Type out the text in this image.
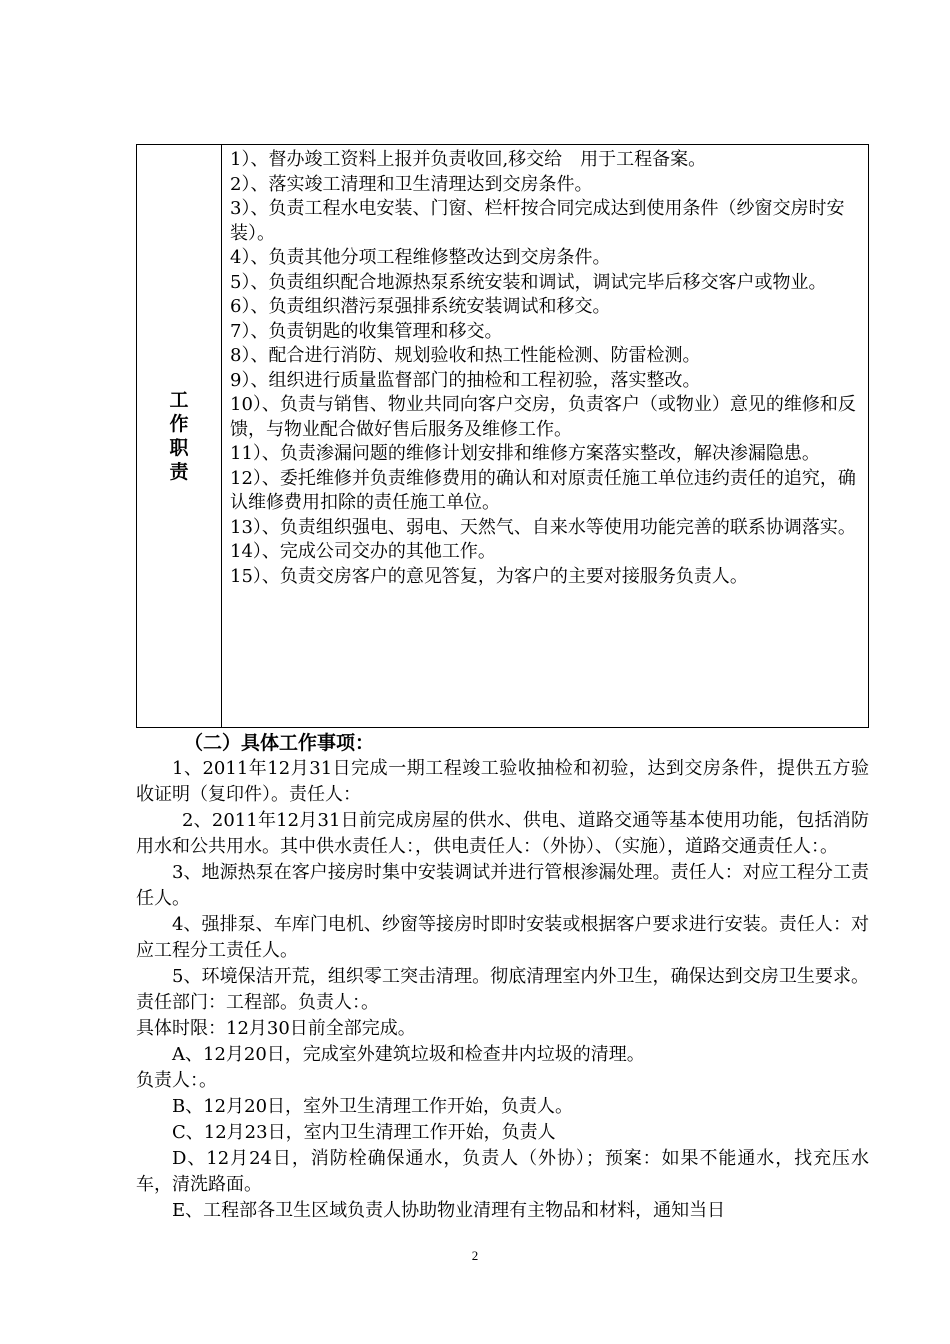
工作职责	

1）、督办竣工资料上报并负责收回,移交给　用于工程备案。

2）、落实竣工清理和卫生清理达到交房条件。

3）、负责工程水电安装、门窗、栏杆按合同完成达到使用条件（纱窗交房时安装）。

4）、负责其他分项工程维修整改达到交房条件。

5）、负责组织配合地源热泵系统安装和调试，调试完毕后移交客户或物业。

6）、负责组织潜污泵强排系统安装调试和移交。

7）、负责钥匙的收集管理和移交。

8）、配合进行消防、规划验收和热工性能检测、防雷检测。

9）、组织进行质量监督部门的抽检和工程初验，落实整改。

10）、负责与销售、物业共同向客户交房，负责客户（或物业）意见的维修和反馈，与物业配合做好售后服务及维修工作。

11）、负责渗漏问题的维修计划安排和维修方案落实整改，解决渗漏隐患。

12）、委托维修并负责维修费用的确认和对原责任施工单位违约责任的追究，确认维修费用扣除的责任施工单位。

13）、负责组织强电、弱电、天然气、自来水等使用功能完善的联系协调落实。

14）、完成公司交办的其他工作。

15）、负责交房客户的意见答复，为客户的主要对接服务负责人。

（二）具体工作事项：

1、2011年12月31日完成一期工程竣工验收抽检和初验，达到交房条件，提供五方验收证明（复印件）。责任人：

2、2011年12月31日前完成房屋的供水、供电、道路交通等基本使用功能，包括消防用水和公共用水。其中供水责任人：，供电责任人：（外协）、（实施），道路交通责任人：。

3、地源热泵在客户接房时集中安装调试并进行管根渗漏处理。责任人：对应工程分工责任人。

4、强排泵、车库门电机、纱窗等接房时即时安装或根据客户要求进行安装。责任人：对应工程分工责任人。

5、环境保洁开荒，组织零工突击清理。彻底清理室内外卫生，确保达到交房卫生要求。责任部门：工程部。负责人：。

具体时限：12月30日前全部完成。

A、12月20日，完成室外建筑垃圾和检查井内垃圾的清理。

负责人：。

B、12月20日，室外卫生清理工作开始，负责人。

C、12月23日，室内卫生清理工作开始，负责人

D、12月24日，消防栓确保通水，负责人（外协）；预案：如果不能通水，找充压水车，清洗路面。

E、工程部各卫生区域负责人协助物业清理有主物品和材料，通知当日

2
